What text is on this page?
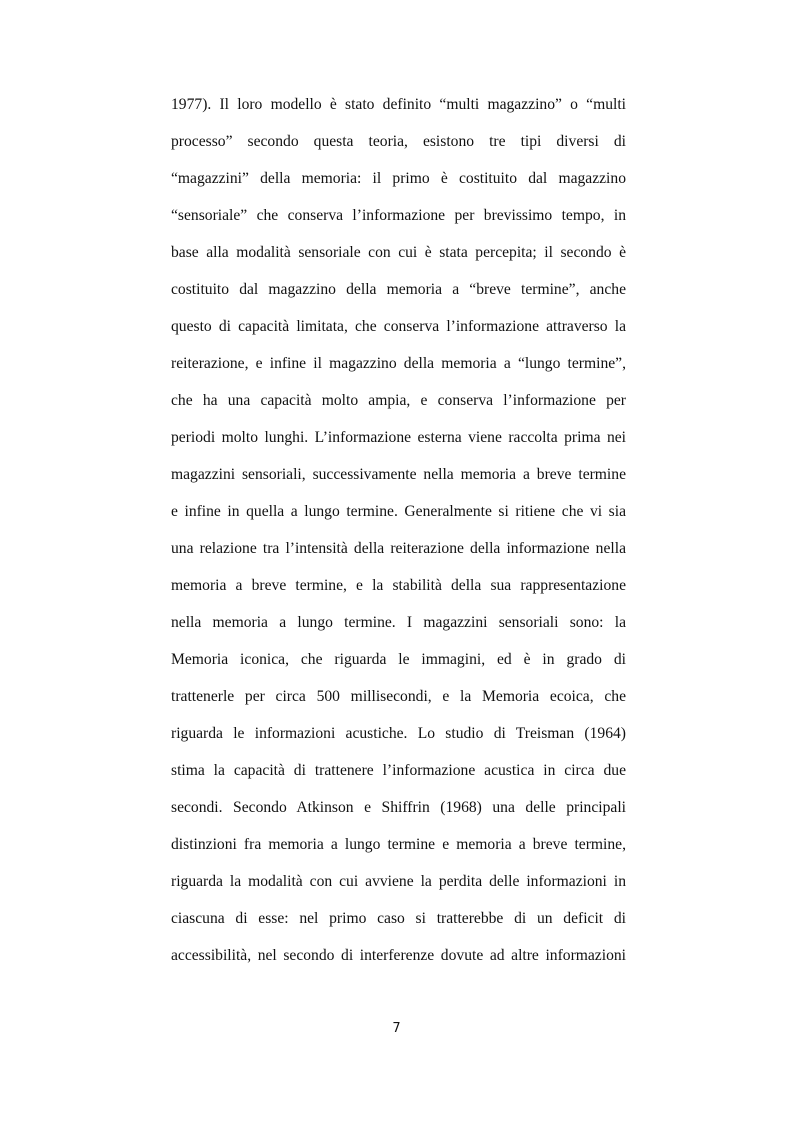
1977). Il loro modello è stato definito “multi magazzino” o “multi
processo” secondo questa teoria, esistono tre tipi diversi di
“magazzini” della memoria: il primo è costituito dal magazzino
“sensoriale” che conserva l’informazione per brevissimo tempo, in
base alla modalità sensoriale con cui è stata percepita; il secondo è
costituito dal magazzino della memoria a “breve termine”, anche
questo di capacità limitata, che conserva l’informazione attraverso la
reiterazione, e infine il magazzino della memoria a “lungo termine”,
che ha una capacità molto ampia, e conserva l’informazione per
periodi molto lunghi. L’informazione esterna viene raccolta prima nei
magazzini sensoriali, successivamente nella memoria a breve termine
e infine in quella a lungo termine. Generalmente si ritiene che vi sia
una relazione tra l’intensità della reiterazione della informazione nella
memoria a breve termine, e la stabilità della sua rappresentazione
nella memoria a lungo termine. I magazzini sensoriali sono: la
Memoria iconica, che riguarda le immagini, ed è in grado di
trattenerle per circa 500 millisecondi, e la Memoria ecoica, che
riguarda le informazioni acustiche. Lo studio di Treisman (1964)
stima la capacità di trattenere l’informazione acustica in circa due
secondi. Secondo Atkinson e Shiffrin (1968) una delle principali
distinzioni fra memoria a lungo termine e memoria a breve termine,
riguarda la modalità con cui avviene la perdita delle informazioni in
ciascuna di esse: nel primo caso si tratterebbe di un deficit di
accessibilità, nel secondo di interferenze dovute ad altre informazioni
7
